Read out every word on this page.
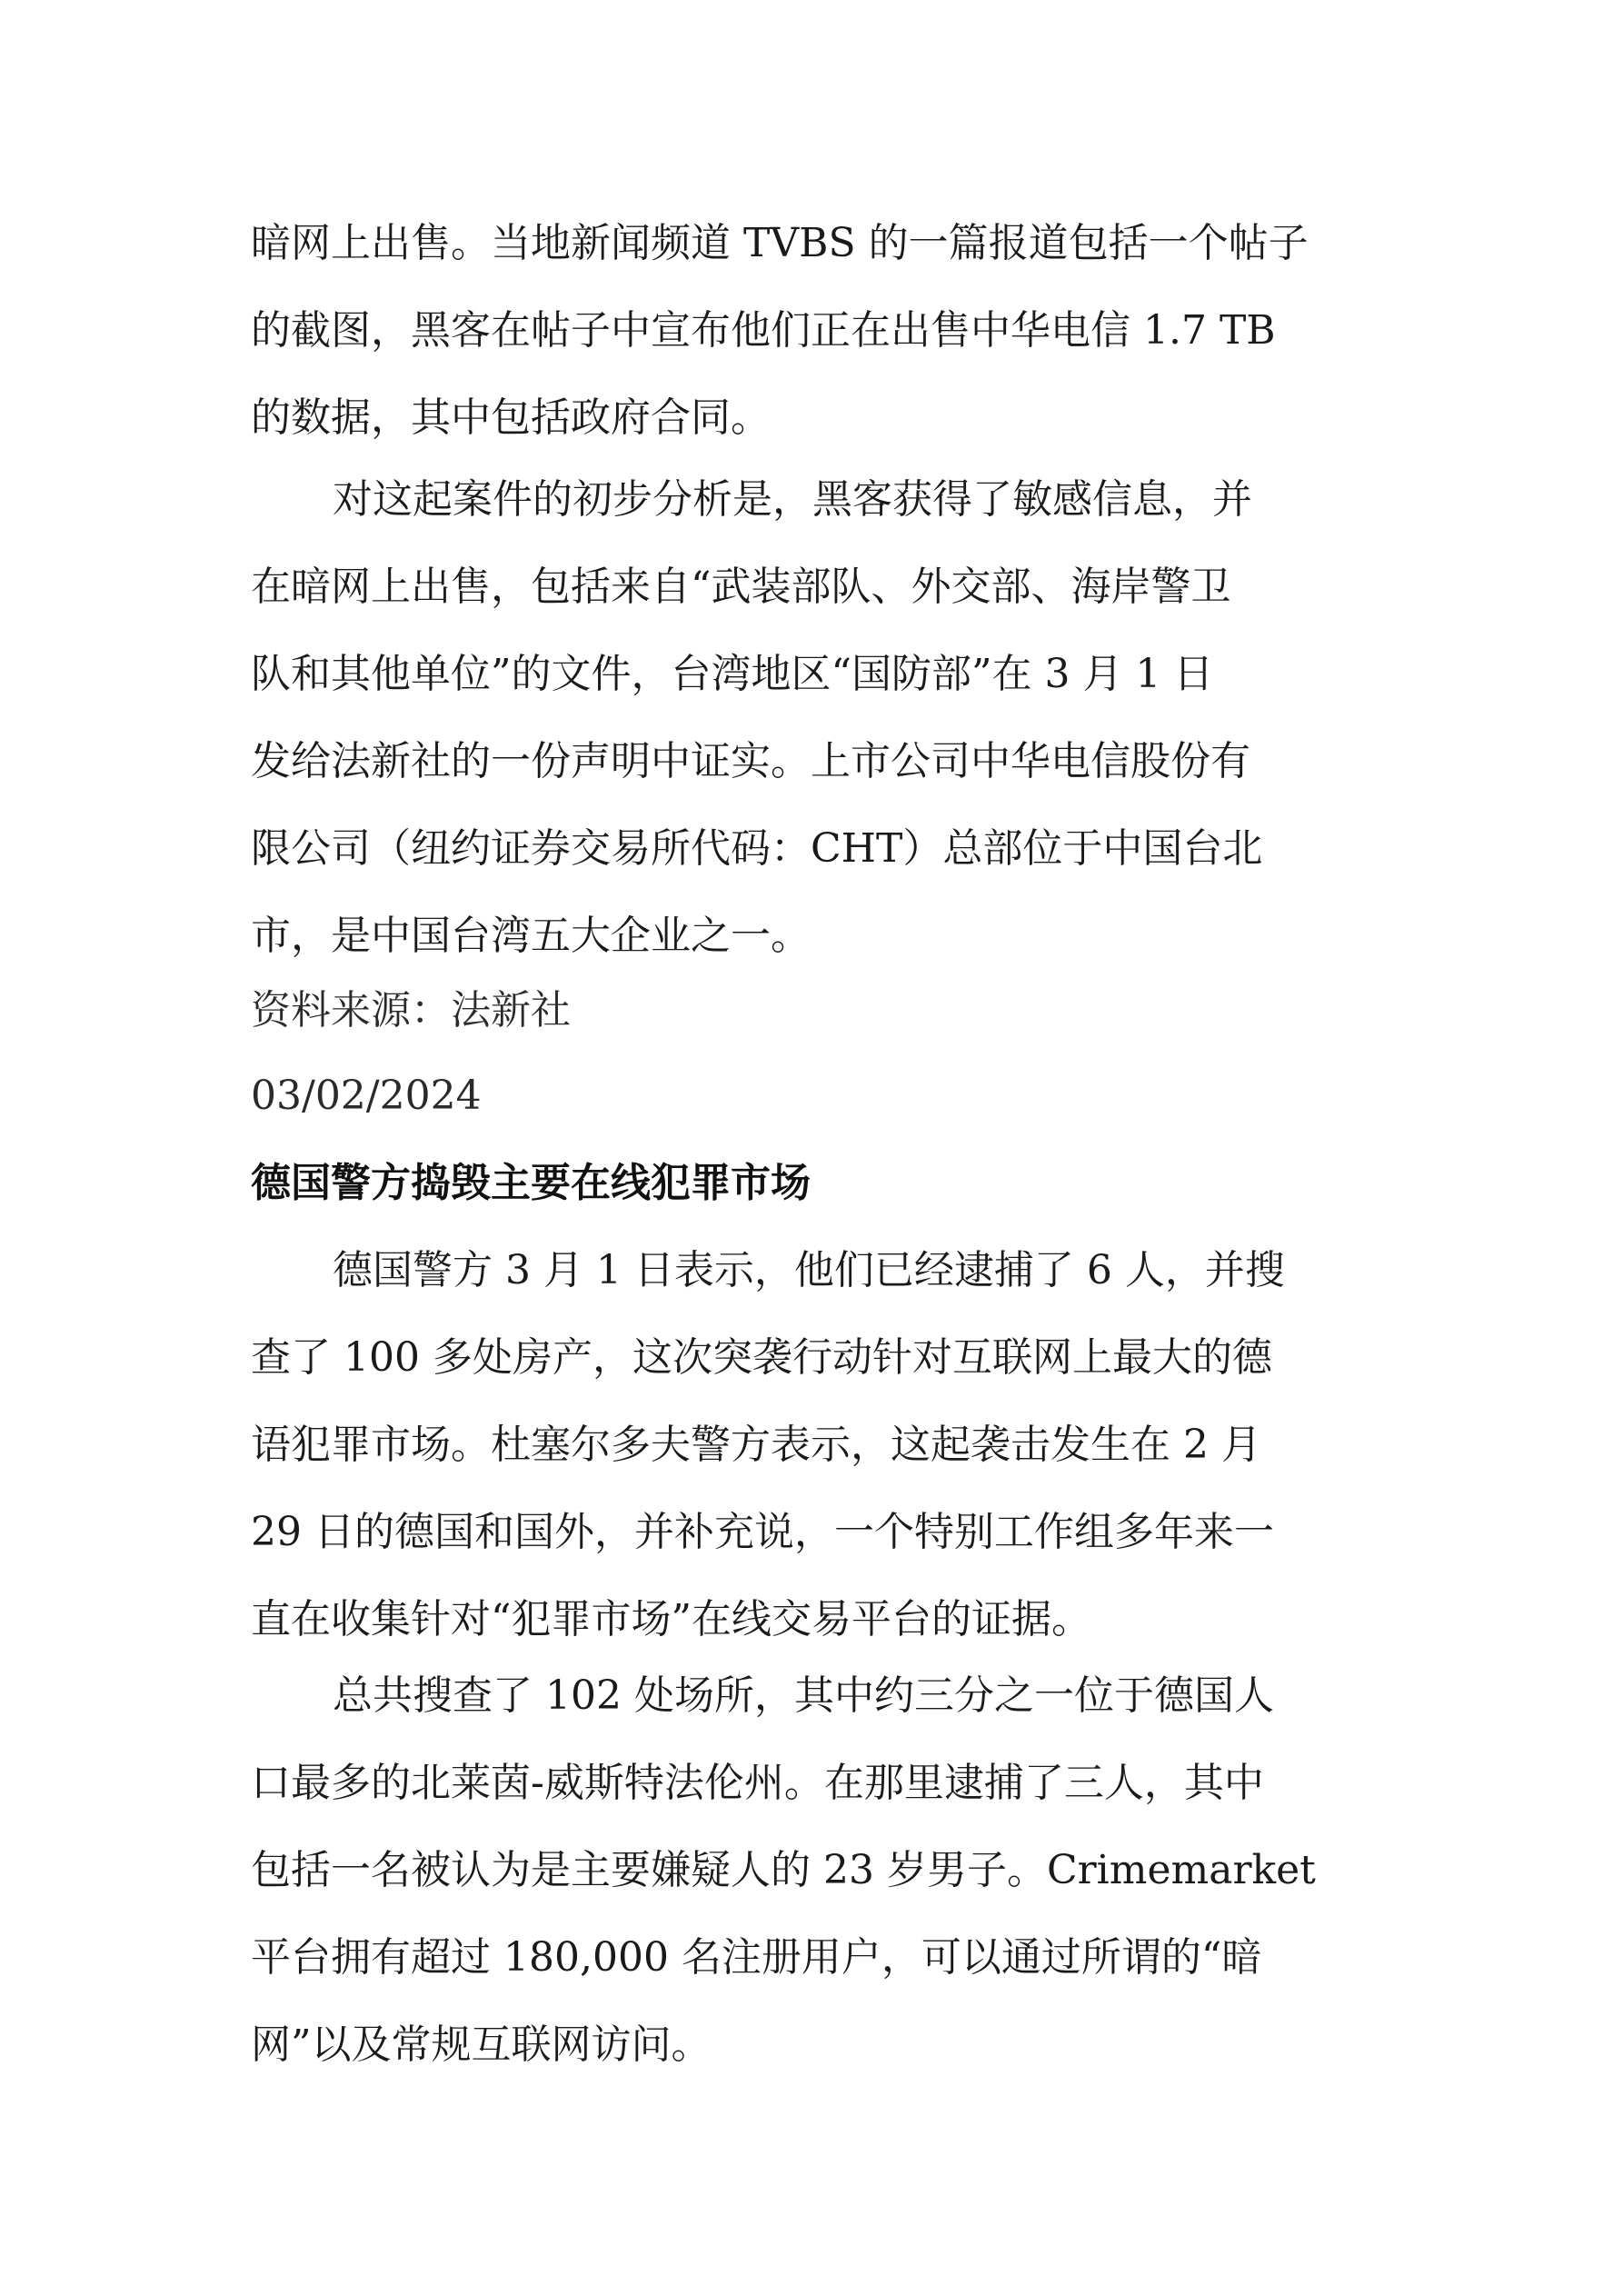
暗网上出售。当地新闻频道 TVBS 的一篇报道包括一个帖子
的截图，黑客在帖子中宣布他们正在出售中华电信 1.7 TB
的数据，其中包括政府合同。
对这起案件的初步分析是，黑客获得了敏感信息，并
在暗网上出售，包括来自“武装部队、外交部、海岸警卫
队和其他单位”的文件，台湾地区“国防部”在 3 月 1 日
发给法新社的一份声明中证实。上市公司中华电信股份有
限公司（纽约证券交易所代码：CHT）总部位于中国台北
市，是中国台湾五大企业之一。
资料来源：法新社
03/02/2024
德国警方捣毁主要在线犯罪市场
德国警方 3 月 1 日表示，他们已经逮捕了 6 人，并搜
查了 100 多处房产，这次突袭行动针对互联网上最大的德
语犯罪市场。杜塞尔多夫警方表示，这起袭击发生在 2 月
29 日的德国和国外，并补充说，一个特别工作组多年来一
直在收集针对“犯罪市场”在线交易平台的证据。
总共搜查了 102 处场所，其中约三分之一位于德国人
口最多的北莱茵-威斯特法伦州。在那里逮捕了三人，其中
包括一名被认为是主要嫌疑人的 23 岁男子。Crimemarket
平台拥有超过 180,000 名注册用户，可以通过所谓的“暗
网”以及常规互联网访问。
